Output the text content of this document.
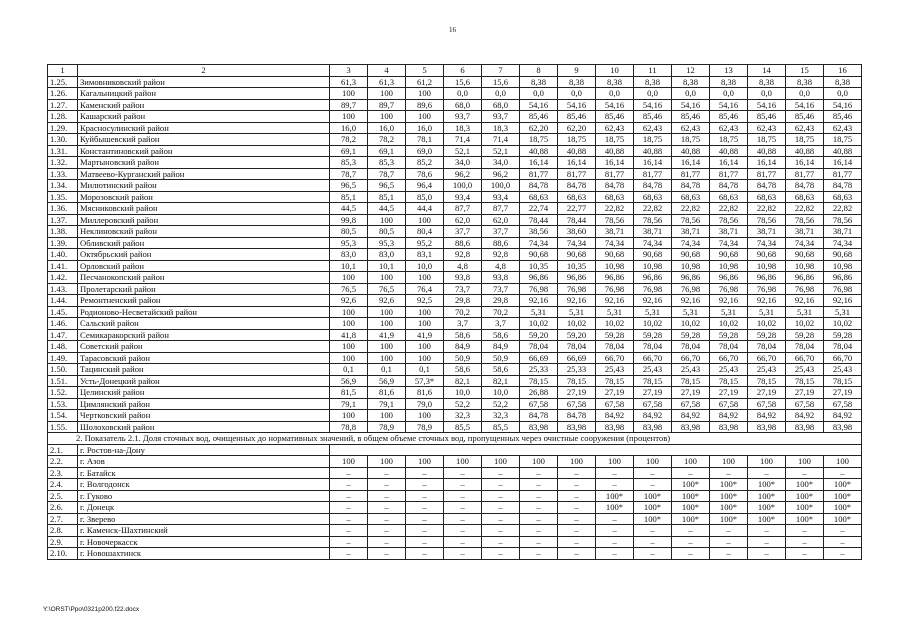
16
1	2	3	4	5	6	7	8	9	10	11	12	13	14	15	16
1.25.	Зимовниковский район	61,3	61,3	61,2	15,6	15,6	8,38	8,38	8,38	8,38	8,38	8,38	8,38	8,38	8,38
1.26.	Кагальницкий район	100	100	100	0,0	0,0	0,0	0,0	0,0	0,0	0,0	0,0	0,0	0,0	0,0
1.27.	Каменский район	89,7	89,7	89,6	68,0	68,0	54,16	54,16	54,16	54,16	54,16	54,16	54,16	54,16	54,16
1.28.	Кашарский район	100	100	100	93,7	93,7	85,46	85,46	85,46	85,46	85,46	85,46	85,46	85,46	85,46
1.29.	Красносулинский район	16,0	16,0	16,0	18,3	18,3	62,20	62,20	62,43	62,43	62,43	62,43	62,43	62,43	62,43
1.30.	Куйбышевский район	78,2	78,2	78,1	71,4	71,4	18,75	18,75	18,75	18,75	18,75	18,75	18,75	18,75	18,75
1.31.	Константиновский район	69,1	69,1	69,0	52,1	52,1	40,88	40,88	40,88	40,88	40,88	40,88	40,88	40,88	40,88
1.32.	Мартыновский район	85,3	85,3	85,2	34,0	34,0	16,14	16,14	16,14	16,14	16,14	16,14	16,14	16,14	16,14
1.33.	Матвеево-Курганский район	78,7	78,7	78,6	96,2	96,2	81,77	81,77	81,77	81,77	81,77	81,77	81,77	81,77	81,77
1.34.	Милютинский район	96,5	96,5	96,4	100,0	100,0	84,78	84,78	84,78	84,78	84,78	84,78	84,78	84,78	84,78
1.35.	Морозовский район	85,1	85,1	85,0	93,4	93,4	68,63	68,63	68,63	68,63	68,63	68,63	68,63	68,63	68,63
1.36.	Мясниковский район	44,5	44,5	44,4	87,7	87,7	22,74	22,77	22,82	22,82	22,82	22,82	22,82	22,82	22,82
1.37.	Миллеровский район	99,8	100	100	62,0	62,0	78,44	78,44	78,56	78,56	78,56	78,56	78,56	78,56	78,56
1.38.	Неклиновский район	80,5	80,5	80,4	37,7	37,7	38,56	38,60	38,71	38,71	38,71	38,71	38,71	38,71	38,71
1.39.	Обливский район	95,3	95,3	95,2	88,6	88,6	74,34	74,34	74,34	74,34	74,34	74,34	74,34	74,34	74,34
1.40.	Октябрьский район	83,0	83,0	83,1	92,8	92,8	90,68	90,68	90,68	90,68	90,68	90,68	90,68	90,68	90,68
1.41.	Орловский район	10,1	10,1	10,0	4,8	4,8	10,35	10,35	10,98	10,98	10,98	10,98	10,98	10,98	10,98
1.42.	Песчанокопский район	100	100	100	93,8	93,8	96,86	96,86	96,86	96,86	96,86	96,86	96,86	96,86	96,86
1.43.	Пролетарский район	76,5	76,5	76,4	73,7	73,7	76,98	76,98	76,98	76,98	76,98	76,98	76,98	76,98	76,98
1.44.	Ремонтненский район	92,6	92,6	92,5	29,8	29,8	92,16	92,16	92,16	92,16	92,16	92,16	92,16	92,16	92,16
1.45.	Родионово-Несветайский район	100	100	100	70,2	70,2	5,31	5,31	5,31	5,31	5,31	5,31	5,31	5,31	5,31
1.46.	Сальский район	100	100	100	3,7	3,7	10,02	10,02	10,02	10,02	10,02	10,02	10,02	10,02	10,02
1.47.	Семикаракорский район	41,8	41,9	41,9	58,6	58,6	59,20	59,20	59,28	59,28	59,28	59,28	59,28	59,28	59,28
1.48.	Советский район	100	100	100	84,9	84,9	78,04	78,04	78,04	78,04	78,04	78,04	78,04	78,04	78,04
1.49.	Тарасовский район	100	100	100	50,9	50,9	66,69	66,69	66,70	66,70	66,70	66,70	66,70	66,70	66,70
1.50.	Тацинский район	0,1	0,1	0,1	58,6	58,6	25,33	25,33	25,43	25,43	25,43	25,43	25,43	25,43	25,43
1.51.	Усть-Донецкий район	56,9	56,9	57,3*	82,1	82,1	78,15	78,15	78,15	78,15	78,15	78,15	78,15	78,15	78,15
1.52.	Целинский район	81,5	81,6	81,6	10,0	10,0	26,88	27,19	27,19	27,19	27,19	27,19	27,19	27,19	27,19
1.53.	Цимлянский район	79,1	79,1	79,0	52,2	52,2	67,58	67,58	67,58	67,58	67,58	67,58	67,58	67,58	67,58
1.54.	Чертковский район	100	100	100	32,3	32,3	84,78	84,78	84,92	84,92	84,92	84,92	84,92	84,92	84,92
1.55.	Шолоховский район	78,8	78,9	78,9	85,5	85,5	83,98	83,98	83,98	83,98	83,98	83,98	83,98	83,98	83,98
2. Показатель 2.1. Доля сточных вод, очищенных до нормативных значений, в общем объеме сточных вод, пропущенных через очистные сооружения (процентов)															
2.1.	г. Ростов-на-Дону														
2.2.	г. Азов	100	100	100	100	100	100	100	100	100	100	100	100	100	100
2.3.	г. Батайск	–	–	–	–	–	–	–	–	–	–	–	–	–	–
2.4.	г. Волгодонск	–	–	–	–	–	–	–	–	–	100*	100*	100*	100*	100*
2.5.	г. Гуково	–	–	–	–	–	–	–	100*	100*	100*	100*	100*	100*	100*
2.6.	г. Донецк	–	–	–	–	–	–	–	100*	100*	100*	100*	100*	100*	100*
2.7.	г. Зверево	–	–	–	–	–	–	–	–	100*	100*	100*	100*	100*	100*
2.8.	г. Каменск-Шахтинский	–	–	–	–	–	–	–	–	–	–	–	–	–	–
2.9.	г. Новочеркасск	–	–	–	–	–	–	–	–	–	–	–	–	–	–
2.10.	г. Новошахтинск	–	–	–	–	–	–	–	–	–	–	–	–	–	–
Y:\ORST\Ppo\0321p200.f22.docx
